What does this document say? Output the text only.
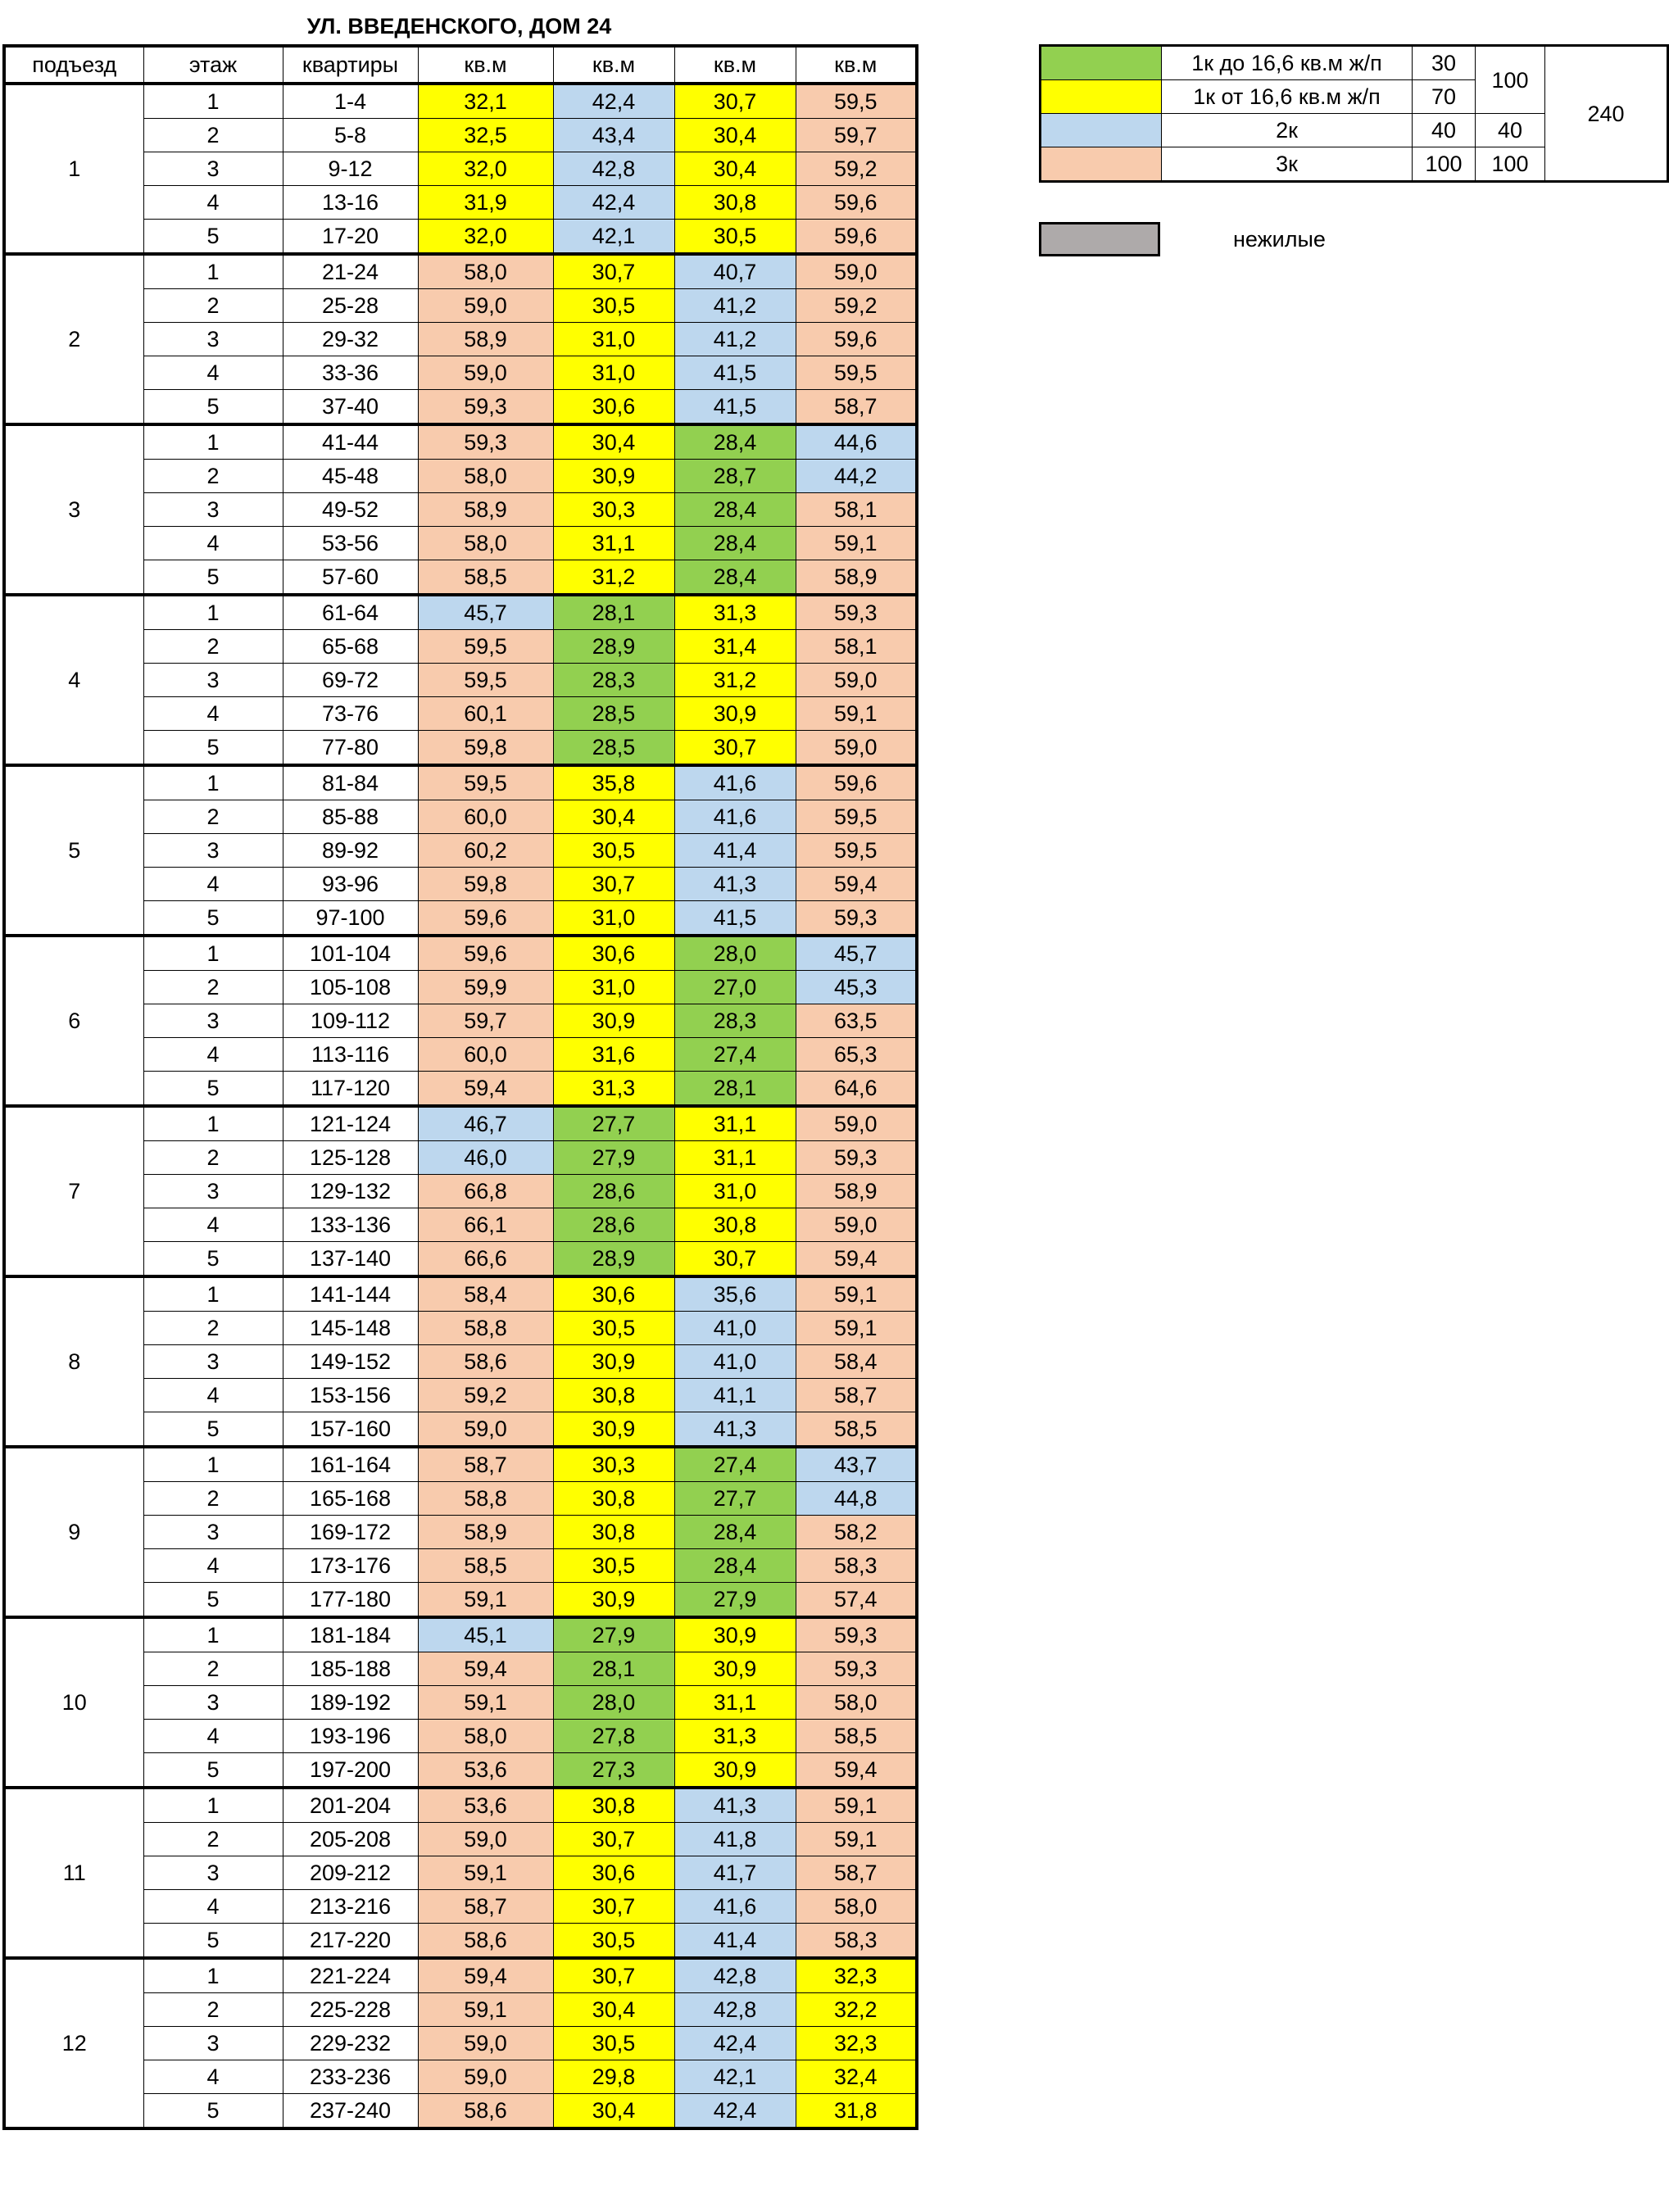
УЛ. ВВЕДЕНСКОГО, ДОМ 24
подъезд	этаж	квартиры	кв.м	кв.м	кв.м	кв.м
1	1	1-4	32,1	42,4	30,7	59,5
	2	5-8	32,5	43,4	30,4	59,7
	3	9-12	32,0	42,8	30,4	59,2
	4	13-16	31,9	42,4	30,8	59,6
	5	17-20	32,0	42,1	30,5	59,6
2	1	21-24	58,0	30,7	40,7	59,0
	2	25-28	59,0	30,5	41,2	59,2
	3	29-32	58,9	31,0	41,2	59,6
	4	33-36	59,0	31,0	41,5	59,5
	5	37-40	59,3	30,6	41,5	58,7
3	1	41-44	59,3	30,4	28,4	44,6
	2	45-48	58,0	30,9	28,7	44,2
	3	49-52	58,9	30,3	28,4	58,1
	4	53-56	58,0	31,1	28,4	59,1
	5	57-60	58,5	31,2	28,4	58,9
4	1	61-64	45,7	28,1	31,3	59,3
	2	65-68	59,5	28,9	31,4	58,1
	3	69-72	59,5	28,3	31,2	59,0
	4	73-76	60,1	28,5	30,9	59,1
	5	77-80	59,8	28,5	30,7	59,0
5	1	81-84	59,5	35,8	41,6	59,6
	2	85-88	60,0	30,4	41,6	59,5
	3	89-92	60,2	30,5	41,4	59,5
	4	93-96	59,8	30,7	41,3	59,4
	5	97-100	59,6	31,0	41,5	59,3
6	1	101-104	59,6	30,6	28,0	45,7
	2	105-108	59,9	31,0	27,0	45,3
	3	109-112	59,7	30,9	28,3	63,5
	4	113-116	60,0	31,6	27,4	65,3
	5	117-120	59,4	31,3	28,1	64,6
7	1	121-124	46,7	27,7	31,1	59,0
	2	125-128	46,0	27,9	31,1	59,3
	3	129-132	66,8	28,6	31,0	58,9
	4	133-136	66,1	28,6	30,8	59,0
	5	137-140	66,6	28,9	30,7	59,4
8	1	141-144	58,4	30,6	35,6	59,1
	2	145-148	58,8	30,5	41,0	59,1
	3	149-152	58,6	30,9	41,0	58,4
	4	153-156	59,2	30,8	41,1	58,7
	5	157-160	59,0	30,9	41,3	58,5
9	1	161-164	58,7	30,3	27,4	43,7
	2	165-168	58,8	30,8	27,7	44,8
	3	169-172	58,9	30,8	28,4	58,2
	4	173-176	58,5	30,5	28,4	58,3
	5	177-180	59,1	30,9	27,9	57,4
10	1	181-184	45,1	27,9	30,9	59,3
	2	185-188	59,4	28,1	30,9	59,3
	3	189-192	59,1	28,0	31,1	58,0
	4	193-196	58,0	27,8	31,3	58,5
	5	197-200	53,6	27,3	30,9	59,4
11	1	201-204	53,6	30,8	41,3	59,1
	2	205-208	59,0	30,7	41,8	59,1
	3	209-212	59,1	30,6	41,7	58,7
	4	213-216	58,7	30,7	41,6	58,0
	5	217-220	58,6	30,5	41,4	58,3
12	1	221-224	59,4	30,7	42,8	32,3
	2	225-228	59,1	30,4	42,8	32,2
	3	229-232	59,0	30,5	42,4	32,3
	4	233-236	59,0	29,8	42,1	32,4
	5	237-240	58,6	30,4	42,4	31,8
	1к до 16,6 кв.м ж/п	30	100	240
	1к от 16,6 кв.м ж/п	70		
	2к	40	40	
	3к	100	100	
нежилые
